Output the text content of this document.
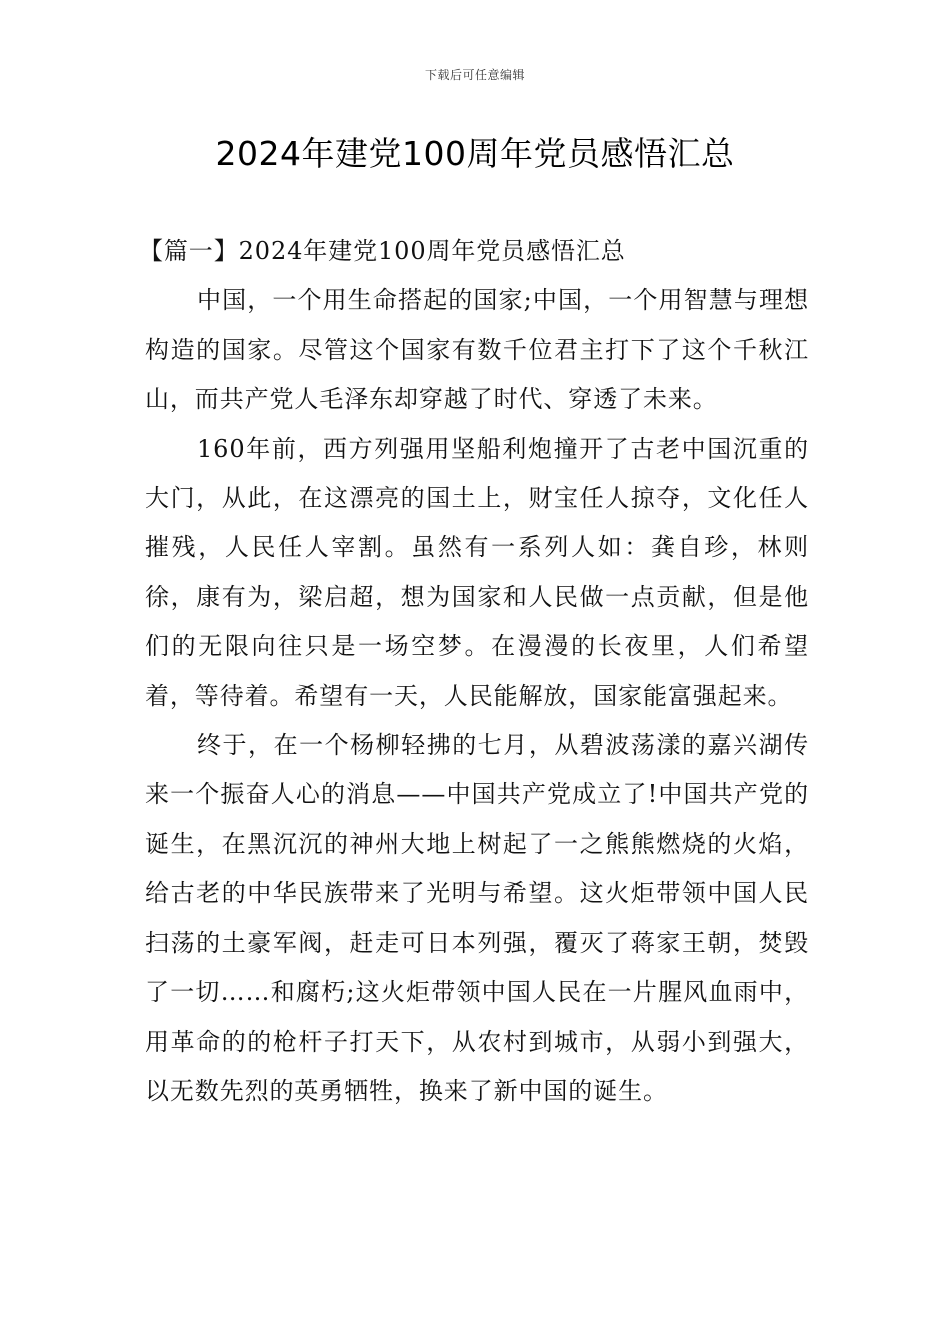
下载后可任意编辑
2024年建党100周年党员感悟汇总

【篇一】2024年建党100周年党员感悟汇总

中国，一个用生命搭起的国家;中国，一个用智慧与理想构造的国家。尽管这个国家有数千位君主打下了这个千秋江山，而共产党人毛泽东却穿越了时代、穿透了未来。

160年前，西方列强用坚船利炮撞开了古老中国沉重的大门，从此，在这漂亮的国土上，财宝任人掠夺，文化任人摧残，人民任人宰割。虽然有一系列人如：龚自珍，林则徐，康有为，梁启超，想为国家和人民做一点贡献，但是他们的无限向往只是一场空梦。在漫漫的长夜里，人们希望着，等待着。希望有一天，人民能解放，国家能富强起来。

终于，在一个杨柳轻拂的七月，从碧波荡漾的嘉兴湖传来一个振奋人心的消息——中国共产党成立了!中国共产党的诞生，在黑沉沉的神州大地上树起了一之熊熊燃烧的火焰，给古老的中华民族带来了光明与希望。这火炬带领中国人民扫荡的土豪军阀，赶走可日本列强，覆灭了蒋家王朝，焚毁了一切……和腐朽;这火炬带领中国人民在一片腥风血雨中，用革命的的枪杆子打天下，从农村到城市，从弱小到强大，以无数先烈的英勇牺牲，换来了新中国的诞生。
